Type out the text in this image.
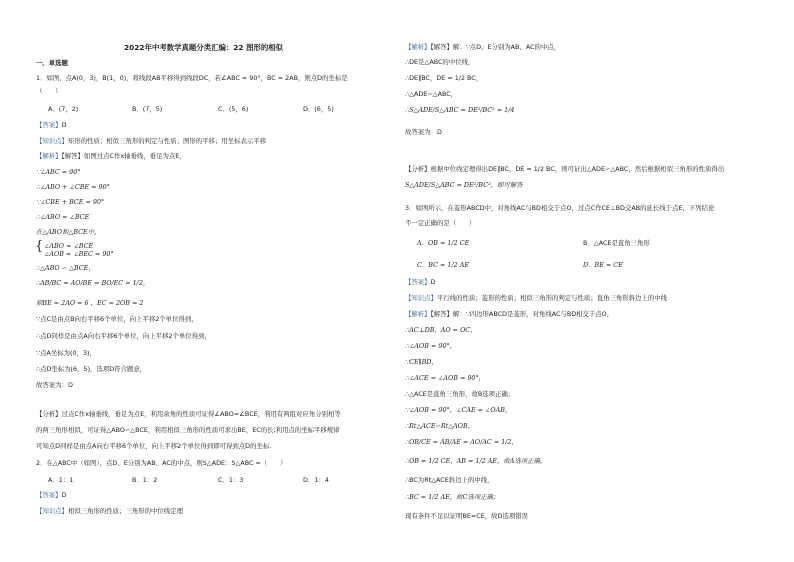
2022年中考数学真题分类汇编：22 图形的相似
一、单选题
1．如图，点A(0，3)，B(1，0)，将线段AB平移得到线段DC，若∠ABC = 90°，BC = 2AB，则点D的坐标是
（　　）
A．(7，2)	B．(7，5)	C．(5，6)	D．(6，5)
【答案】D
【知识点】矩形的性质；相似三角形的判定与性质；图形的平移；用坐标表示平移
【解析】【解答】如图过点C作x轴垂线，垂足为点E，
∵∠ABC = 90°
∴∠ABO + ∠CBE = 90°
∵∠CBE + BCE = 90°
∴∠ABO = ∠BCE
在△ABO和△BCE中，
{ ∠ABO = ∠BCE
∠AOB = ∠BEC = 90°
∴△ABO ∽ △BCE，
∴AB/BC = AO/BE = BO/EC = 1/2，
则BE = 2AO = 6 ，EC = 2OB = 2
∵点C是由点B向右平移6个单位，向上平移2个单位得到，
∴点D同样是由点A向右平移6个单位，向上平移2个单位得到，
∵点A坐标为(0，3)，
∴点D坐标为(6，5)，选项D符合题意，
故答案为：D
【分析】过点C作x轴垂线，垂足为点E，利用余角的性质可证得∠ABO=∠BCE，利用有两组对应角分别相等
的两三角形相似，可证得△ABO∽△BCE，利用相似三角形的性质可求出BE，EC的长;利用点的坐标平移规律
可知点D同样是由点A向右平移6个单位，向上平移2个单位得到即可得到点D的坐标.
2．在△ABC中（如图），点D、E分别为AB、AC的中点，则S△ADE：S△ABC =（　　）
A．1：1	B．1：2	C．1：3	D．1：4
【答案】D
【知识点】相似三角形的性质；三角形的中位线定理
【解析】【解答】解：∵点D、E分别为AB、AC的中点，
∴DE是△ABC的中位线，
∴DE∥BC，DE = 1/2 BC，
∴△ADE∽△ABC，
∴S△ADE/S△ABC = DE²/BC² = 1/4
故答案为：D
【分析】根据中位线定理得出DE∥BC，DE = 1/2 BC，则可证出△ADE∽△ABC，然后根据相似三角形的性质得出
S△ADE/S△ABC = DE²/BC²，即可解答
3．如图所示，在菱形ABCD中，对角线AC与BD相交于点O，过点C作CE⊥BD交AB的延长线于点E，下列结论
不一定正确的是（　　）
A．OB = 1/2 CE	B．△ACE是直角三角形
C．BC = 1/2 AE	D．BE = CE
【答案】D
【知识点】平行线的性质；菱形的性质；相似三角形的判定与性质；直角三角形斜边上的中线
【解析】【解答】解：∵四边形ABCD是菱形，对角线AC与BD相交于点O，
∴AC⊥DB，AO = OC，
∴∠AOB = 90°，
∵CE∥BD，
∴∠ACE = ∠AOB = 90°，
∴△ACE是直角三角形，故B选项正确；
∵∠AOB = 90°，∠CAE = ∠OAB，
∴Rt△ACE∽Rt△AOB，
∴OB/CE = AB/AE = AO/AC = 1/2，
∴OB = 1/2 CE，AB = 1/2 AE，故A选项正确，
∴BC为Rt△ACE斜边上的中线，
∴BC = 1/2 AE，故C选项正确；
现有条件不足以证明BE=CE，故D选项错误
